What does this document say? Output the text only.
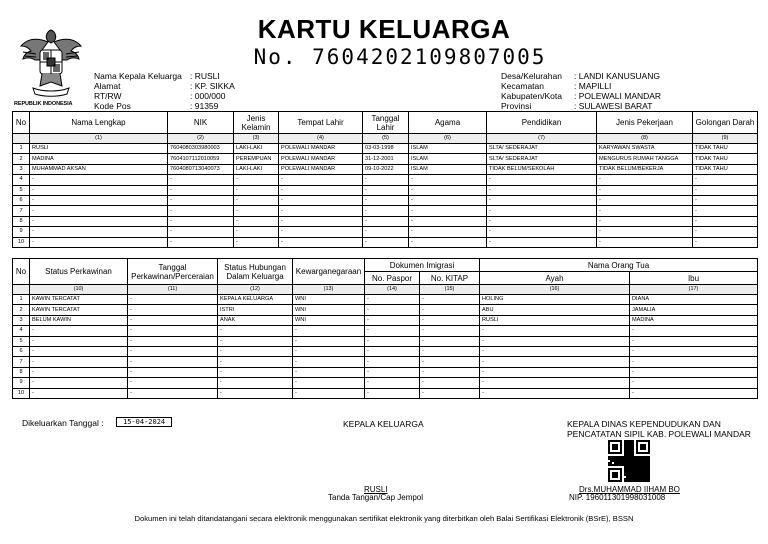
REPUBLIK INDONESIA
KARTU KELUARGA
No. 7604202109807005
Nama Kepala Keluarga : RUSLI
Alamat	: KP. SIKKA
RT/RW	: 000/000
Kode Pos	: 91359
Desa/Kelurahan : LANDI KANUSUANG
Kecamatan	: MAPILLI
Kabupaten/Kota : POLEWALI MANDAR
Provinsi	: SULAWESI BARAT
No	Nama Lengkap	NIK	Jenis Kelamin	Tempat Lahir	Tanggal Lahir	Agama	Pendidikan	Jenis Pekerjaan	Golongan Darah
	(1)	(2)	(3)	(4)	(5)	(6)	(7)	(8)	(9)
1	RUSLI	7604080303980003	LAKI-LAKI	POLEWALI MANDAR	03-03-1998	ISLAM	SLTA/ SEDERAJAT	KARYAWAN SWASTA	TIDAK TAHU
2	MADINA	7604107112010059	PEREMPUAN	POLEWALI MANDAR	31-12-2001	ISLAM	SLTA/ SEDERAJAT	MENGURUS RUMAH TANGGA	TIDAK TAHU
3	MUHAMMAD AKSAN	7604080713040073	LAKI-LAKI	POLEWALI MANDAR	09-10-2022	ISLAM	TIDAK BELUM/SEKOLAH	TIDAK BELUM/BEKERJA	TIDAK TAHU
4	-	-	-	-	-	-	-	-	-
5	-	-	-	-	-	-	-	-	-
6	-	-	-	-	-	-	-	-	-
7	-	-	-	-	-	-	-	-	-
8	-	-	-	-	-	-	-	-	-
9	-	-	-	-	-	-	-	-	-
10	-	-	-	-	-	-	-	-	-
No	Status Perkawinan	Tanggal Perkawinan/Perceraian	Status Hubungan Dalam Keluarga	Kewarganegaraan	Dokumen Imigrasi		Nama Orang Tua	
					No. Paspor	No. KITAP	Ayah	Ibu
	(10)	(11)	(12)	(13)	(14)	(15)	(16)	(17)
1	KAWIN TERCATAT	-	KEPALA KELUARGA	WNI	-	-	HOLING	DIANA
2	KAWIN TERCATAT	-	ISTRI	WNI	-	-	ABU	JAMALIA
3	BELUM KAWIN	-	ANAK	WNI	-	-	RUSLI	MADINA
4	-	-	-	-	-	-	-	-
5	-	-	-	-	-	-	-	-
6	-	-	-	-	-	-	-	-
7	-	-	-	-	-	-	-	-
8	-	-	-	-	-	-	-	-
9	-	-	-	-	-	-	-	-
10	-	-	-	-	-	-	-	-
Dikeluarkan Tanggal :	15-04-2024	KEPALA KELUARGA	KEPALA DINAS KEPENDUDUKAN DAN
PENCATATAN SIPIL KAB. POLEWALI MANDAR
RUSLI
Tanda Tangan/Cap Jempol
Drs.MUHAMMAD IIHAM BO
NIP. 196011301998031008
Dokumen ini telah ditandatangani secara elektronik menggunakan sertifikat elektronik yang diterbitkan oleh Balai Sertifikasi Elektronik (BSrE), BSSN
